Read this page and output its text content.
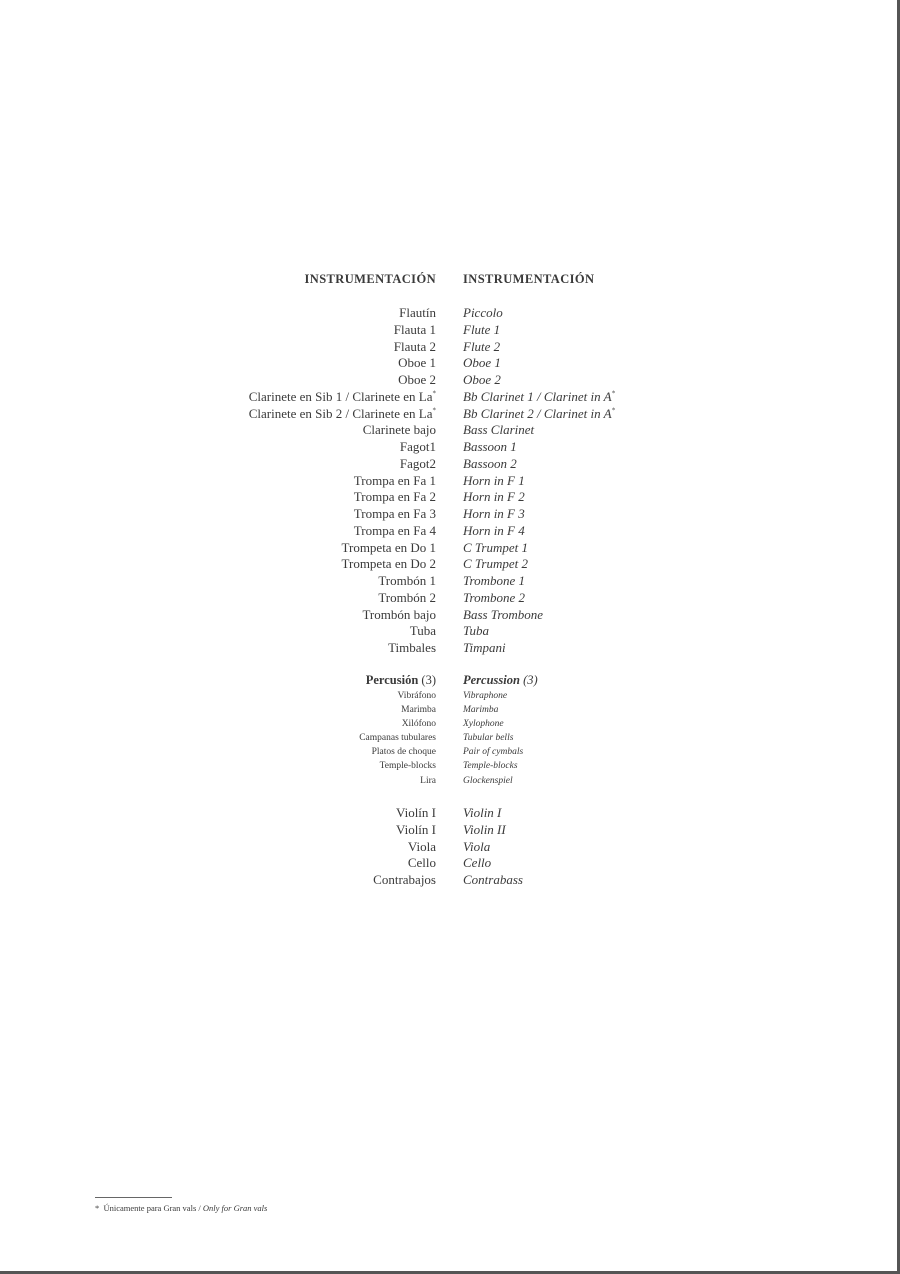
INSTRUMENTACIÓN INSTRUMENTACIÓN
Flautín
Flauta 1
Flauta 2
Oboe 1
Oboe 2
Clarinete en Sib 1 / Clarinete en La*
Clarinete en Sib 2 / Clarinete en La*
Clarinete bajo
Fagot1
Fagot2
Trompa en Fa 1
Trompa en Fa 2
Trompa en Fa 3
Trompa en Fa 4
Trompeta en Do 1
Trompeta en Do 2
Trombón 1
Trombón 2
Trombón bajo
Tuba
Timbales
Piccolo
Flute 1
Flute 2
Oboe 1
Oboe 2
Bb Clarinet 1 / Clarinet in A*
Bb Clarinet 2 / Clarinet in A*
Bass Clarinet
Bassoon 1
Bassoon 2
Horn in F 1
Horn in F 2
Horn in F 3
Horn in F 4
C Trumpet 1
C Trumpet 2
Trombone 1
Trombone 2
Bass Trombone
Tuba
Timpani
Percusión (3) Percussion (3)
Vibráfono
Marimba
Xilófono
Campanas tubulares
Platos de choque
Temple-blocks
Lira
Vibraphone
Marimba
Xylophone
Tubular bells
Pair of cymbals
Temple-blocks
Glockenspiel
Violín I
Violín I
Viola
Cello
Contrabajos
Violin I
Violin II
Viola
Cello
Contrabass
* Únicamente para Gran vals / Only for Gran vals
